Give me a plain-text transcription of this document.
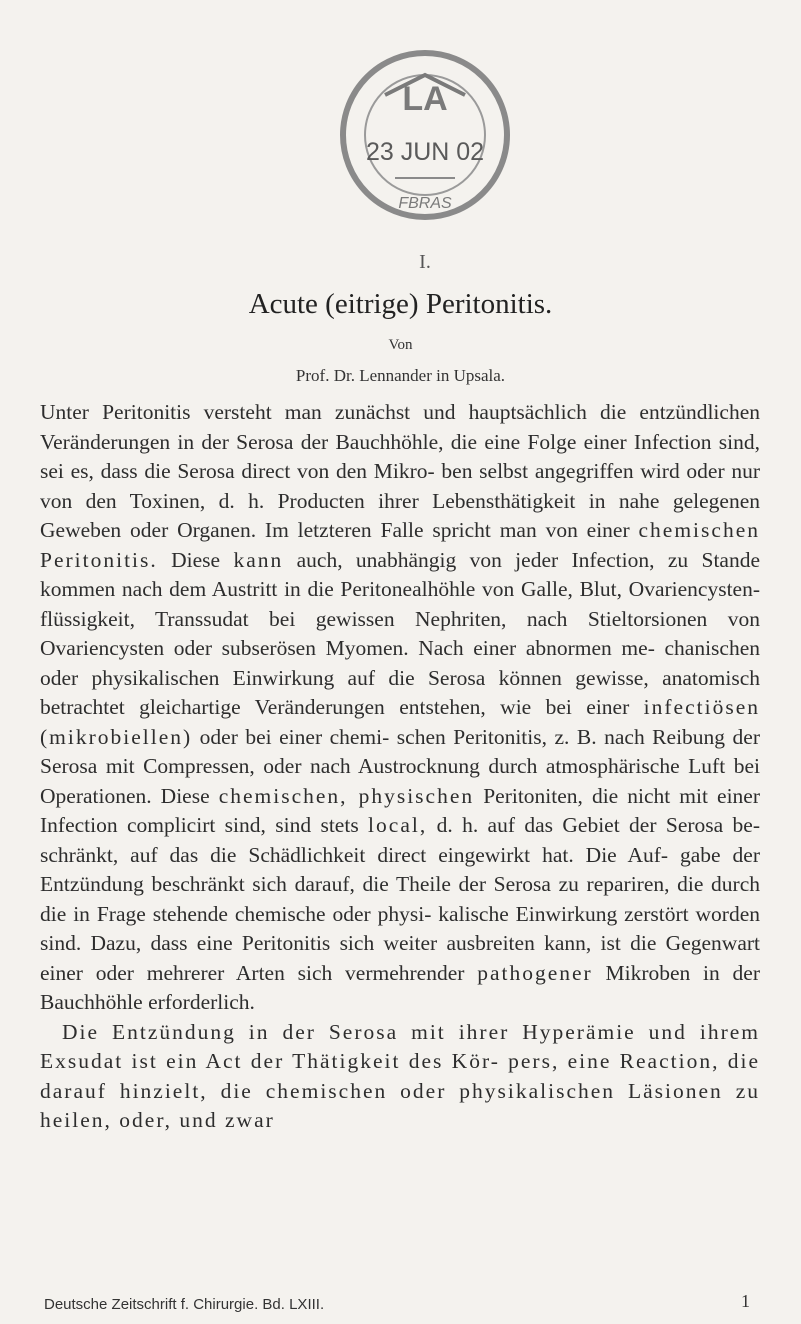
LA
23 JUN 02
FBRAS
I.
Acute (eitrige) Peritonitis.
Von
Prof. Dr. Lennander in Upsala.

Unter Peritonitis versteht man zunächst und hauptsächlich die entzündlichen Veränderungen in der Serosa der Bauchhöhle, die eine Folge einer Infection sind, sei es, dass die Serosa direct von den Mikro- ben selbst angegriffen wird oder nur von den Toxinen, d. h. Producten ihrer Lebensthätigkeit in nahe gelegenen Geweben oder Organen. Im letzteren Falle spricht man von einer chemischen Peritonitis. Diese kann auch, unabhängig von jeder Infection, zu Stande kommen nach dem Austritt in die Peritonealhöhle von Galle, Blut, Ovariencysten- flüssigkeit, Transsudat bei gewissen Nephriten, nach Stieltorsionen von Ovariencysten oder subserösen Myomen. Nach einer abnormen me- chanischen oder physikalischen Einwirkung auf die Serosa können gewisse, anatomisch betrachtet gleichartige Veränderungen entstehen, wie bei einer infectiösen (mikrobiellen) oder bei einer chemi- schen Peritonitis, z. B. nach Reibung der Serosa mit Compressen, oder nach Austrocknung durch atmosphärische Luft bei Operationen. Diese chemischen, physischen Peritoniten, die nicht mit einer Infection complicirt sind, sind stets local, d. h. auf das Gebiet der Serosa be- schränkt, auf das die Schädlichkeit direct eingewirkt hat. Die Auf- gabe der Entzündung beschränkt sich darauf, die Theile der Serosa zu repariren, die durch die in Frage stehende chemische oder physi- kalische Einwirkung zerstört worden sind. Dazu, dass eine Peritonitis sich weiter ausbreiten kann, ist die Gegenwart einer oder mehrerer Arten sich vermehrender pathogener Mikroben in der Bauchhöhle erforderlich.

Die Entzündung in der Serosa mit ihrer Hyperämie und ihrem Exsudat ist ein Act der Thätigkeit des Kör- pers, eine Reaction, die darauf hinzielt, die chemischen oder physikalischen Läsionen zu heilen, oder, und zwar

Deutsche Zeitschrift f. Chirurgie. Bd. LXIII.	1
